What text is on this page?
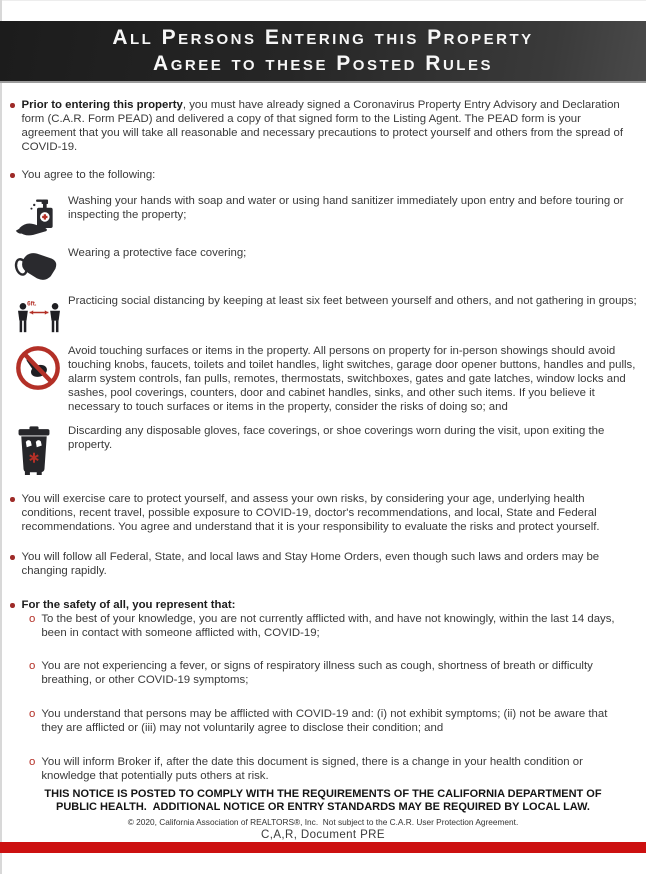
All Persons Entering this Property
Agree to these Posted Rules

Prior to entering this property, you must have already signed a Coronavirus Property Entry Advisory and Declaration form (C.A.R. Form PEAD) and delivered a copy of that signed form to the Listing Agent. The PEAD form is your agreement that you will take all reasonable and necessary precautions to protect yourself and others from the spread of COVID-19.

You agree to the following:

Washing your hands with soap and water or using hand sanitizer immediately upon entry and before touring or inspecting the property;

Wearing a protective face covering;

6ft.	Practicing social distancing by keeping at least six feet between yourself and others, and not gathering in groups;

Avoid touching surfaces or items in the property. All persons on property for in-person showings should avoid touching knobs, faucets, toilets and toilet handles, light switches, garage door opener buttons, handles and pulls, alarm system controls, fan pulls, remotes, thermostats, switchboxes, gates and gate latches, window locks and sashes, pool coverings, counters, door and cabinet handles, sinks, and other such items. If you believe it necessary to touch surfaces or items in the property, consider the risks of doing so; and

Discarding any disposable gloves, face coverings, or shoe coverings worn during the visit, upon exiting the property.

You will exercise care to protect yourself, and assess your own risks, by considering your age, underlying health conditions, recent travel, possible exposure to COVID-19, doctor's recommendations, and local, State and Federal recommendations. You agree and understand that it is your responsibility to evaluate the risks and protect yourself.

You will follow all Federal, State, and local laws and Stay Home Orders, even though such laws and orders may be changing rapidly.

For the safety of all, you represent that:

o To the best of your knowledge, you are not currently afflicted with, and have not knowingly, within the last 14 days, been in contact with someone afflicted with, COVID-19;

o You are not experiencing a fever, or signs of respiratory illness such as cough, shortness of breath or difficulty breathing, or other COVID-19 symptoms;

o You understand that persons may be afflicted with COVID-19 and: (i) not exhibit symptoms; (ii) not be aware that they are afflicted or (iii) may not voluntarily agree to disclose their condition; and

o You will inform Broker if, after the date this document is signed, there is a change in your health condition or knowledge that potentially puts others at risk.

THIS NOTICE IS POSTED TO COMPLY WITH THE REQUIREMENTS OF THE CALIFORNIA DEPARTMENT OF PUBLIC HEALTH.  ADDITIONAL NOTICE OR ENTRY STANDARDS MAY BE REQUIRED BY LOCAL LAW.
© 2020, California Association of REALTORS®, Inc.  Not subject to the C.A.R. User Protection Agreement.
C,A,R, Document PRE
